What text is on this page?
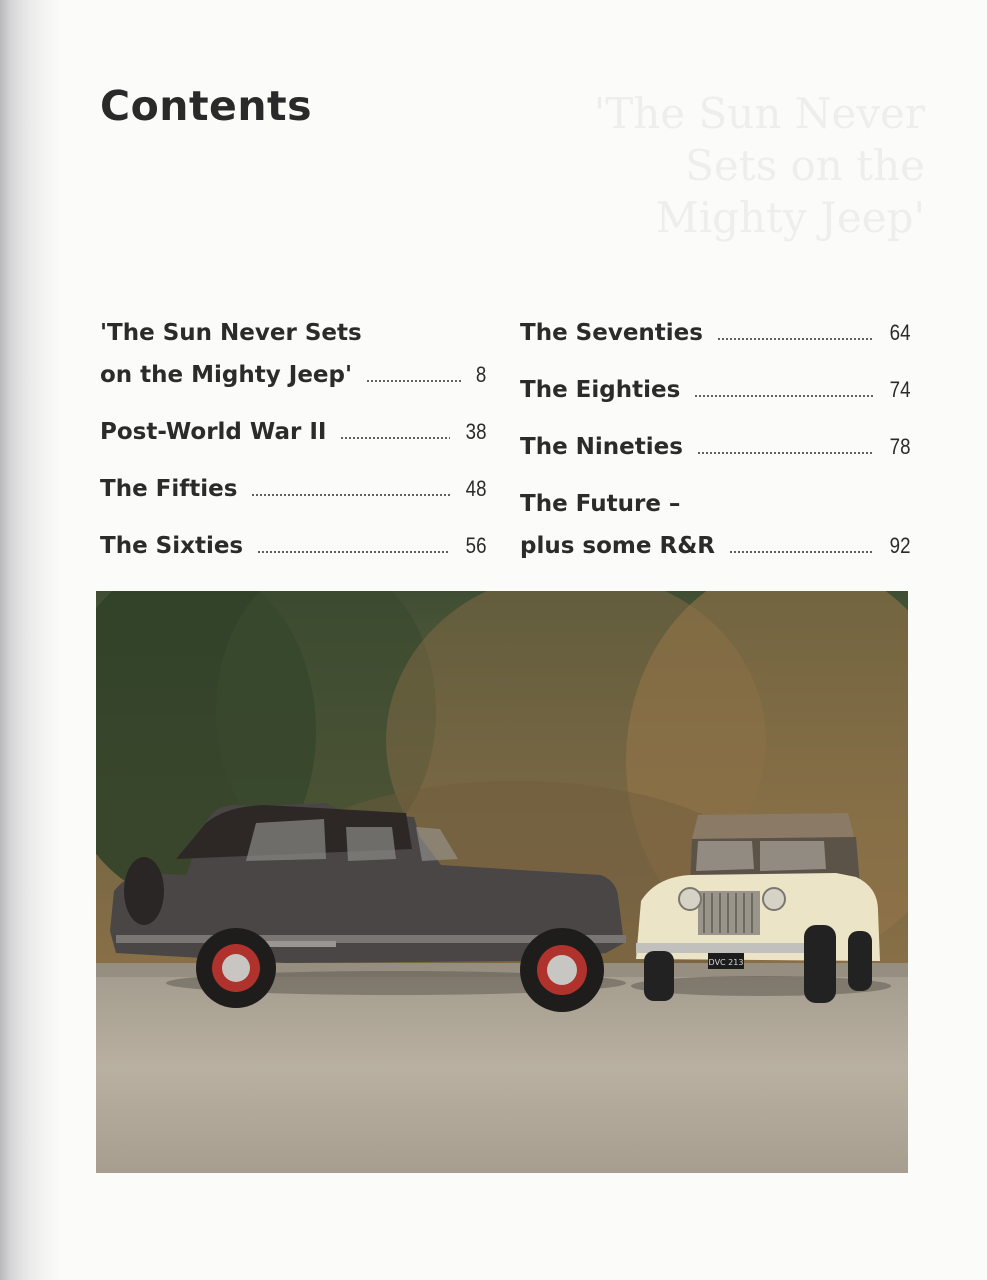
'The Sun Never Sets on the Mighty Jeep'
Contents
'The Sun Never Sets
on the Mighty Jeep'	8
Post-World War II	38
The Fifties	48
The Sixties	56
The Seventies	64
The Eighties	74
The Nineties	78
The Future –
plus some R&R	92
DVC 213
